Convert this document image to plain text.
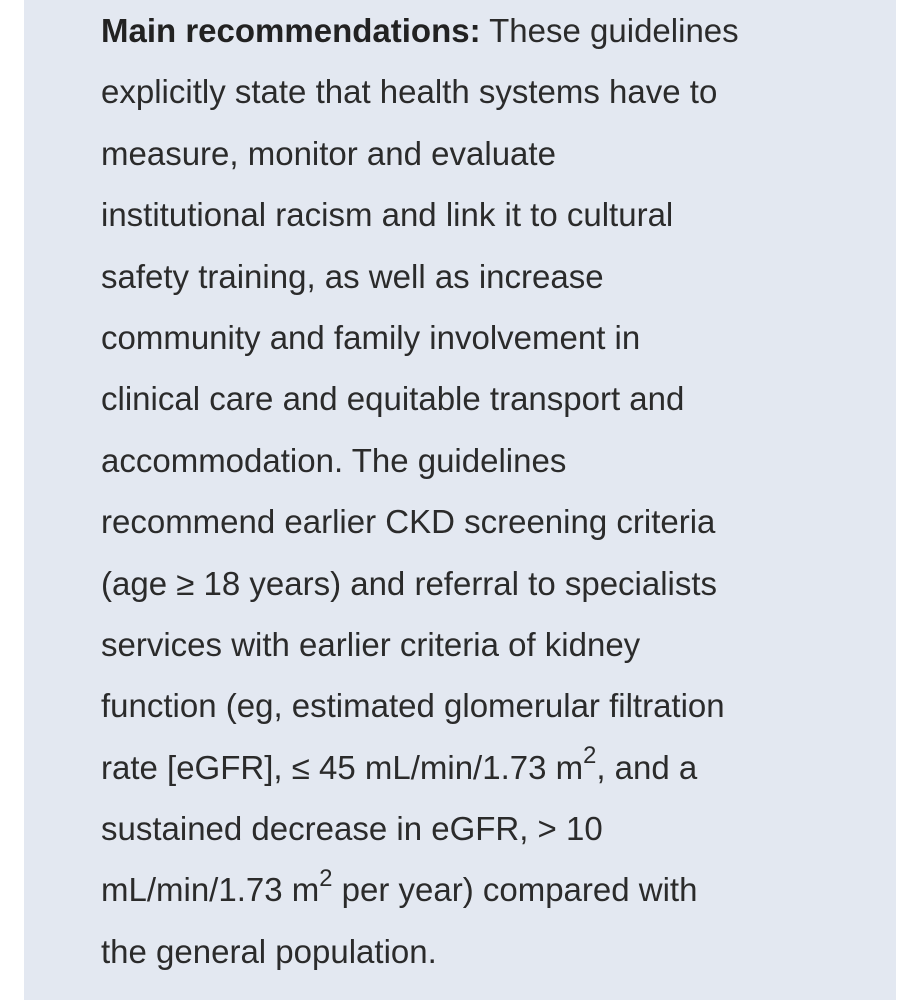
Main recommendations: These guidelines
explicitly state that health systems have to
measure, monitor and evaluate
institutional racism and link it to cultural
safety training, as well as increase
community and family involvement in
clinical care and equitable transport and
accommodation. The guidelines
recommend earlier CKD screening criteria
(age ≥ 18 years) and referral to specialists
services with earlier criteria of kidney
function (eg, estimated glomerular filtration
rate [eGFR], ≤ 45 mL/min/1.73 $m^2$, and a
sustained decrease in eGFR, > 10
mL/min/1.73 $m^2$ per year) compared with
the general population.
